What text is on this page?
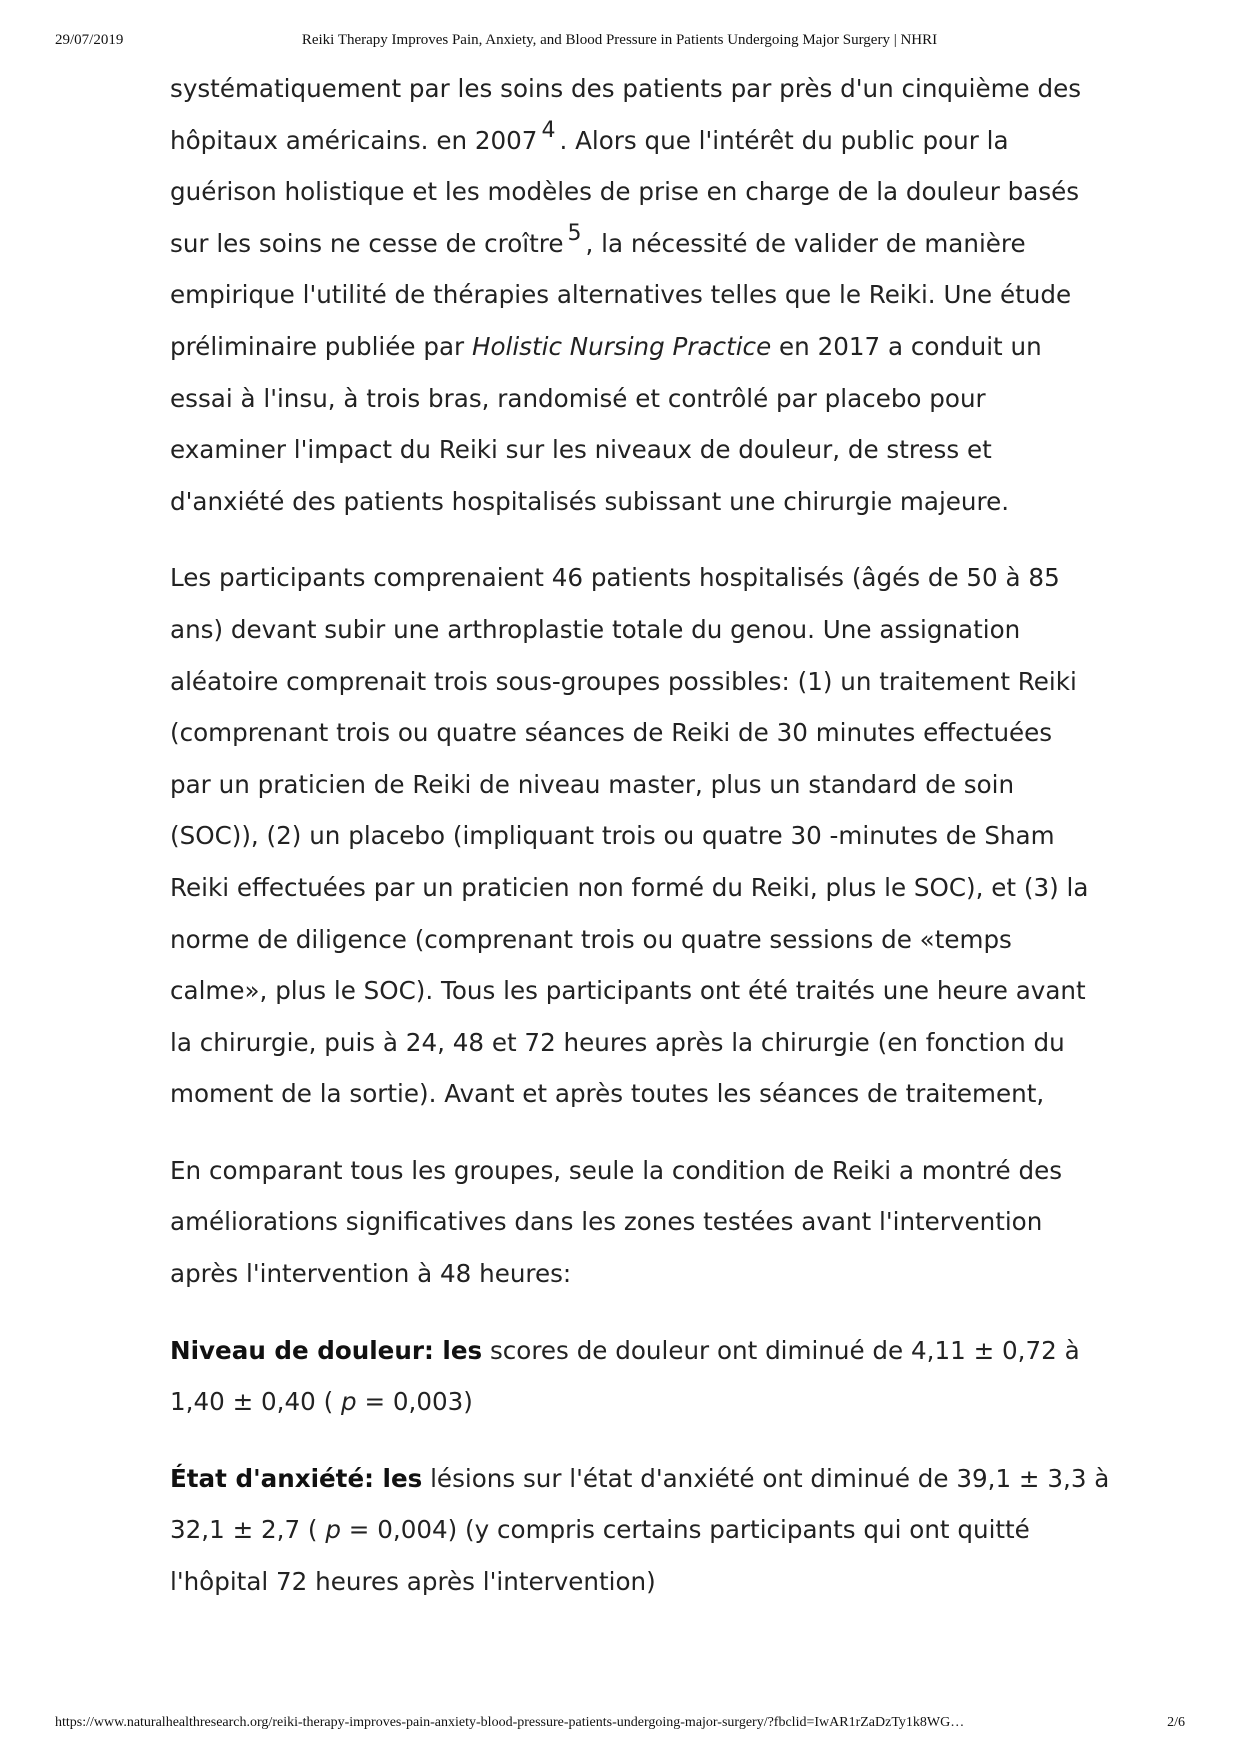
29/07/2019	Reiki Therapy Improves Pain, Anxiety, and Blood Pressure in Patients Undergoing Major Surgery | NHRI

systématiquement par les soins des patients par près d'un cinquième des
hôpitaux américains. en 2007 $^4$ . Alors que l'intérêt du public pour la
guérison holistique et les modèles de prise en charge de la douleur basés
sur les soins ne cesse de croître $^5$ , la nécessité de valider de manière
empirique l'utilité de thérapies alternatives telles que le Reiki. Une étude
préliminaire publiée par Holistic Nursing Practice en 2017 a conduit un
essai à l'insu, à trois bras, randomisé et contrôlé par placebo pour
examiner l'impact du Reiki sur les niveaux de douleur, de stress et
d'anxiété des patients hospitalisés subissant une chirurgie majeure.

Les participants comprenaient 46 patients hospitalisés (âgés de 50 à 85
ans) devant subir une arthroplastie totale du genou. Une assignation
aléatoire comprenait trois sous-groupes possibles: (1) un traitement Reiki
(comprenant trois ou quatre séances de Reiki de 30 minutes effectuées
par un praticien de Reiki de niveau master, plus un standard de soin
(SOC)), (2) un placebo (impliquant trois ou quatre 30 -minutes de Sham
Reiki effectuées par un praticien non formé du Reiki, plus le SOC), et (3) la
norme de diligence (comprenant trois ou quatre sessions de «temps
calme», plus le SOC). Tous les participants ont été traités une heure avant
la chirurgie, puis à 24, 48 et 72 heures après la chirurgie (en fonction du
moment de la sortie). Avant et après toutes les séances de traitement,

En comparant tous les groupes, seule la condition de Reiki a montré des
améliorations significatives dans les zones testées avant l'intervention
après l'intervention à 48 heures:

Niveau de douleur: les scores de douleur ont diminué de 4,11 ± 0,72 à
1,40 ± 0,40 ( p = 0,003)

État d'anxiété: les lésions sur l'état d'anxiété ont diminué de 39,1 ± 3,3 à
32,1 ± 2,7 ( p = 0,004) (y compris certains participants qui ont quitté
l'hôpital 72 heures après l'intervention)

https://www.naturalhealthresearch.org/reiki-therapy-improves-pain-anxiety-blood-pressure-patients-undergoing-major-surgery/?fbclid=IwAR1rZaDzTy1k8WG…	2/6
